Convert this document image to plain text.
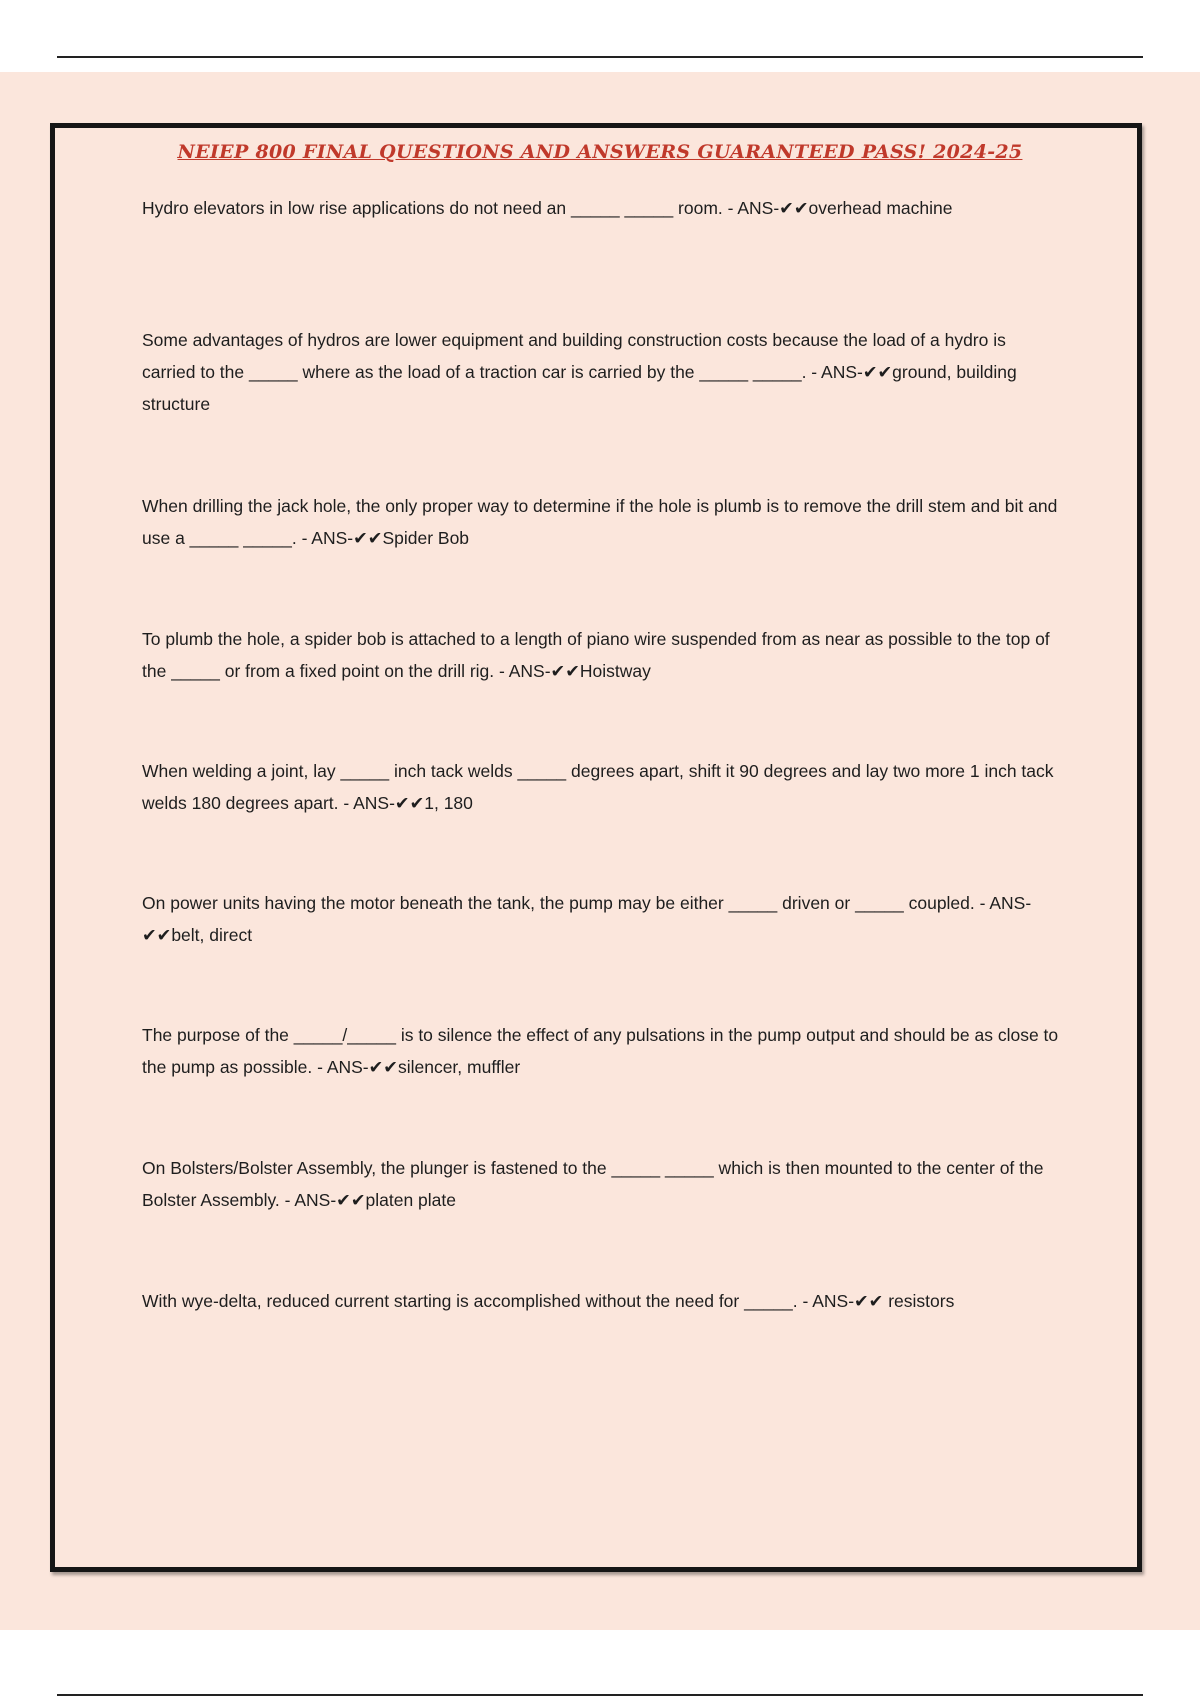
NEIEP 800 FINAL QUESTIONS AND ANSWERS GUARANTEED PASS! 2024-25

Hydro elevators in low rise applications do not need an _____ _____ room. - ANS-✔✔overhead machine

Some advantages of hydros are lower equipment and building construction costs because the load of a hydro is carried to the _____ where as the load of a traction car is carried by the _____ _____. - ANS-✔✔ground, building structure

When drilling the jack hole, the only proper way to determine if the hole is plumb is to remove the drill stem and bit and use a _____ _____. - ANS-✔✔Spider Bob

To plumb the hole, a spider bob is attached to a length of piano wire suspended from as near as possible to the top of the _____ or from a fixed point on the drill rig. - ANS-✔✔Hoistway

When welding a joint, lay _____ inch tack welds _____ degrees apart, shift it 90 degrees and lay two more 1 inch tack welds 180 degrees apart. - ANS-✔✔1, 180

On power units having the motor beneath the tank, the pump may be either _____ driven or _____ coupled. - ANS-✔✔belt, direct

The purpose of the _____/_____ is to silence the effect of any pulsations in the pump output and should be as close to the pump as possible. - ANS-✔✔silencer, muffler

On Bolsters/Bolster Assembly, the plunger is fastened to the _____ _____ which is then mounted to the center of the Bolster Assembly. - ANS-✔✔platen plate

With wye-delta, reduced current starting is accomplished without the need for _____. - ANS-✔✔ resistors
